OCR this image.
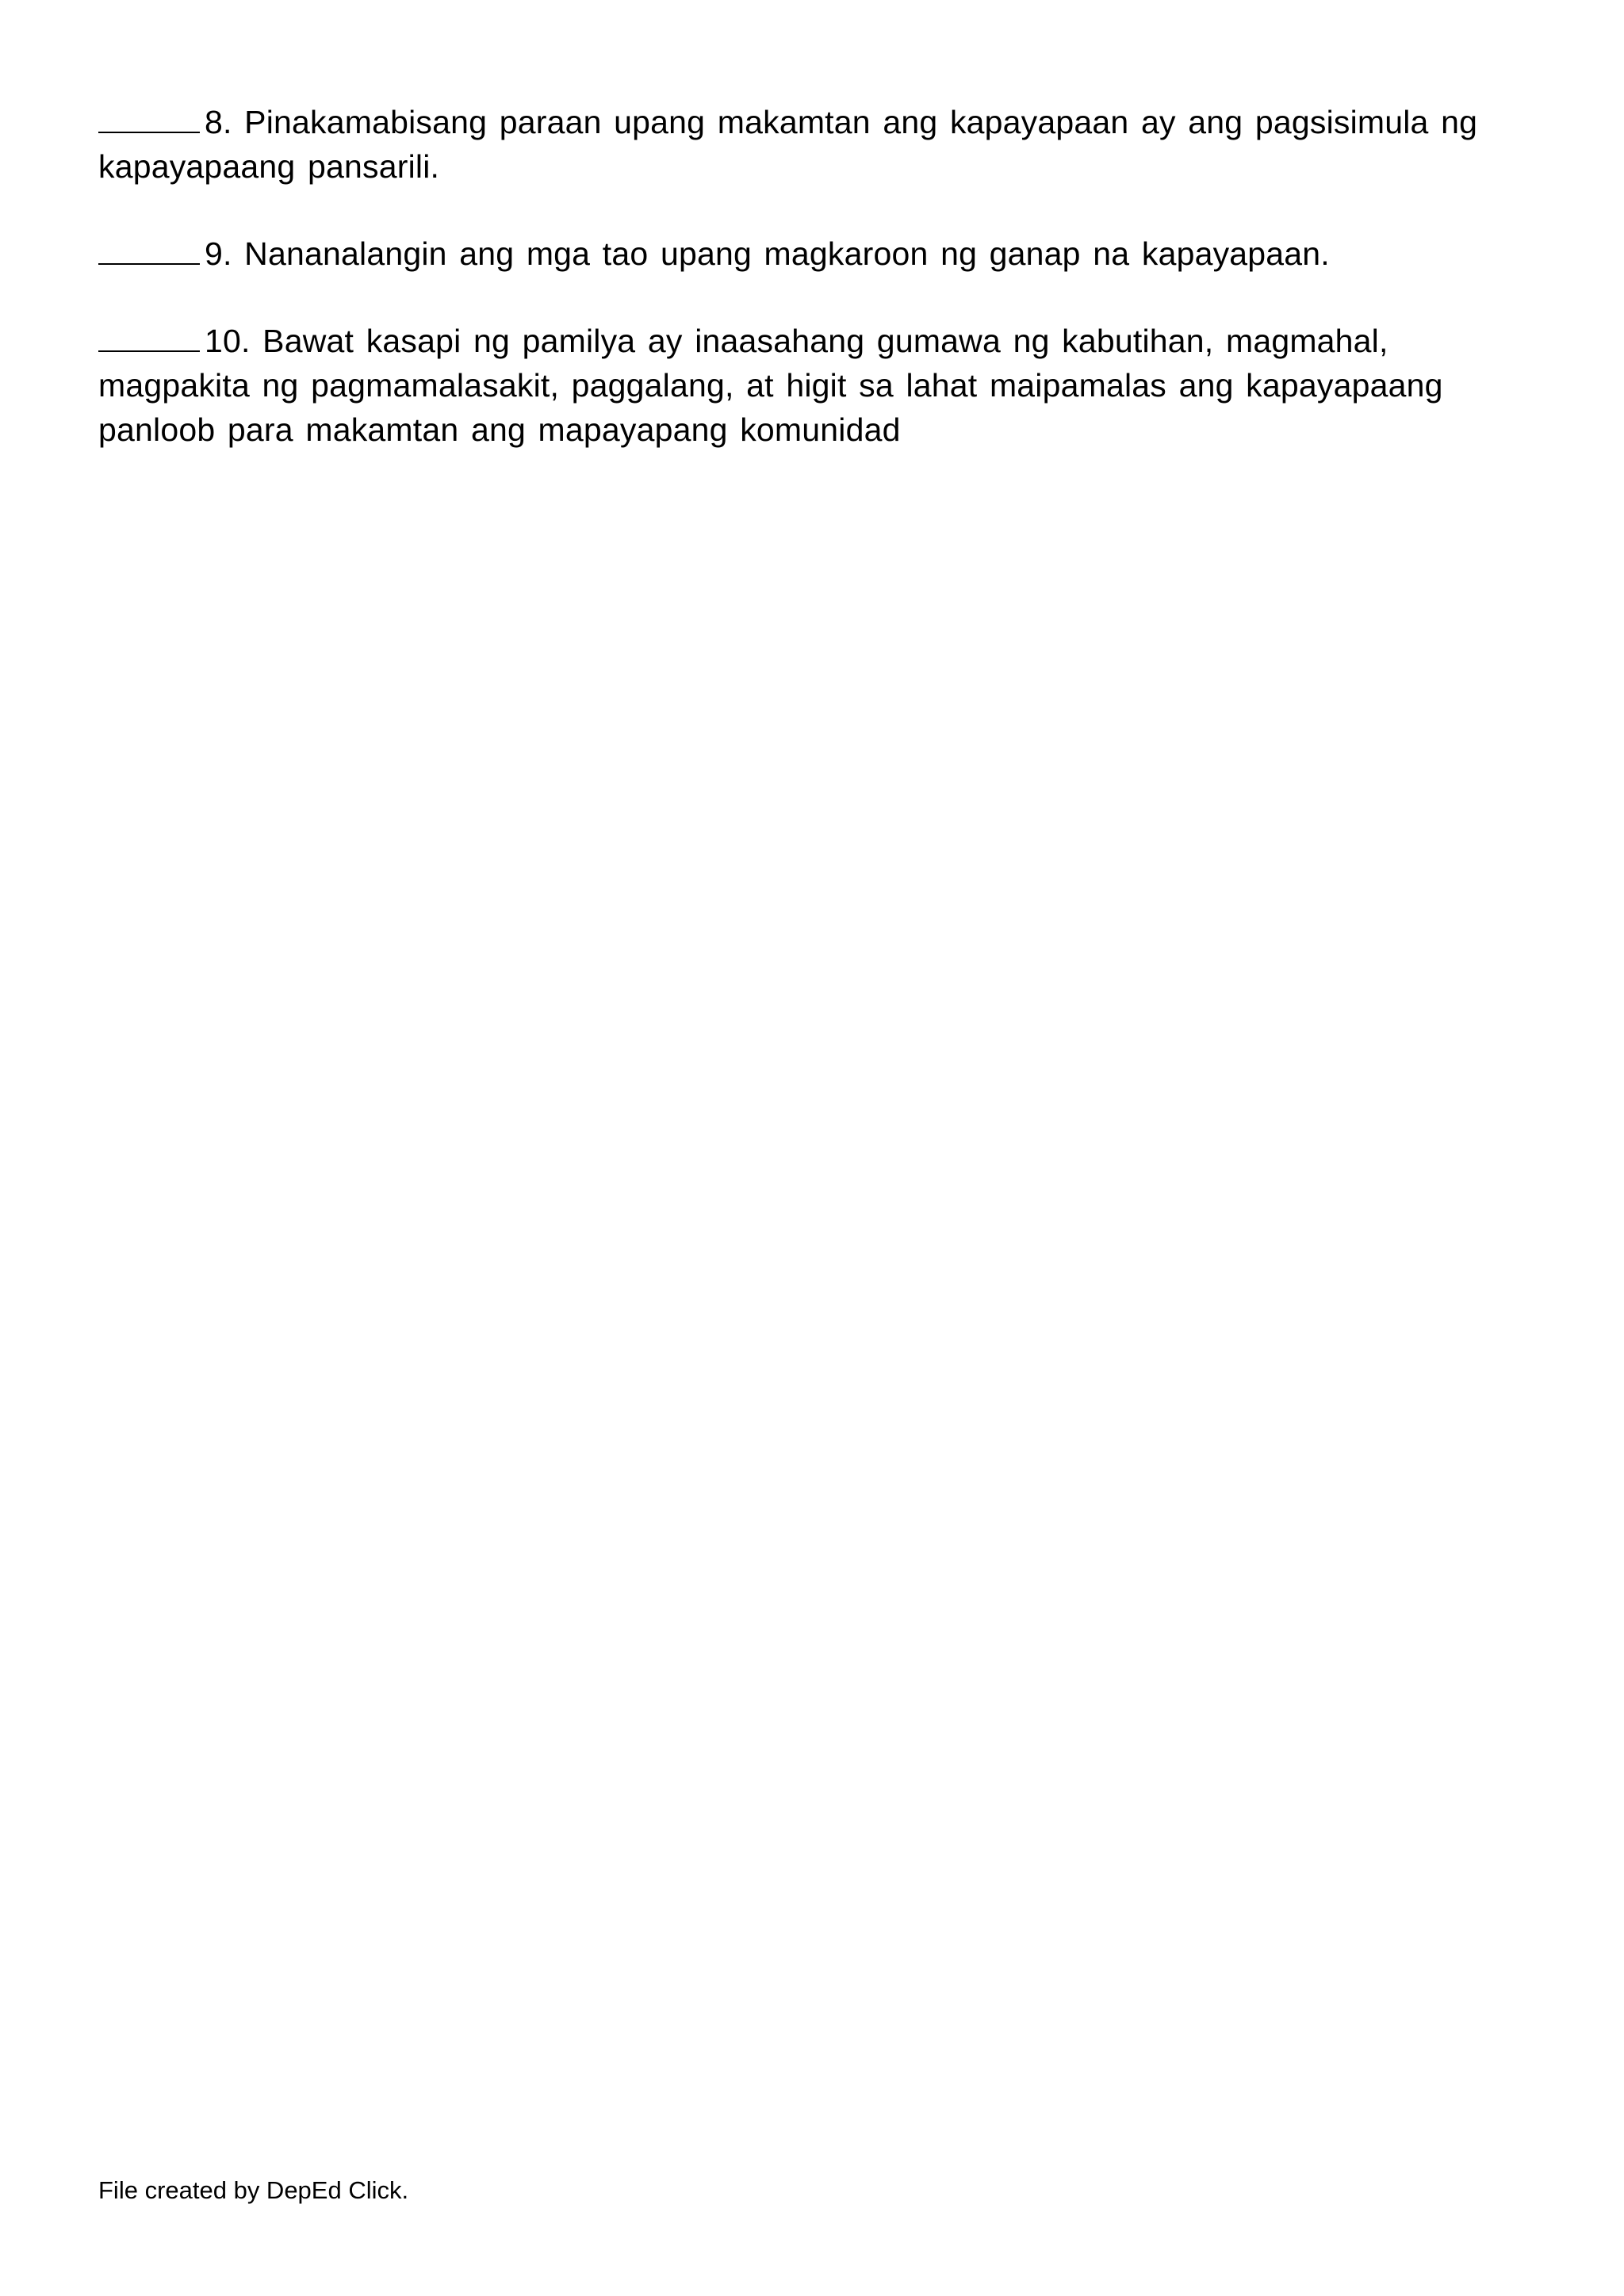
8. Pinakamabisang paraan upang makamtan ang kapayapaan ay ang pagsisimula ng kapayapaang pansarili.

9. Nananalangin ang mga tao upang magkaroon ng ganap na kapayapaan.

10. Bawat kasapi ng pamilya ay inaasahang gumawa ng kabutihan, magmahal, magpakita ng pagmamalasakit, paggalang, at higit sa lahat maipamalas ang kapayapaang panloob para makamtan ang mapayapang komunidad

File created by DepEd Click.
